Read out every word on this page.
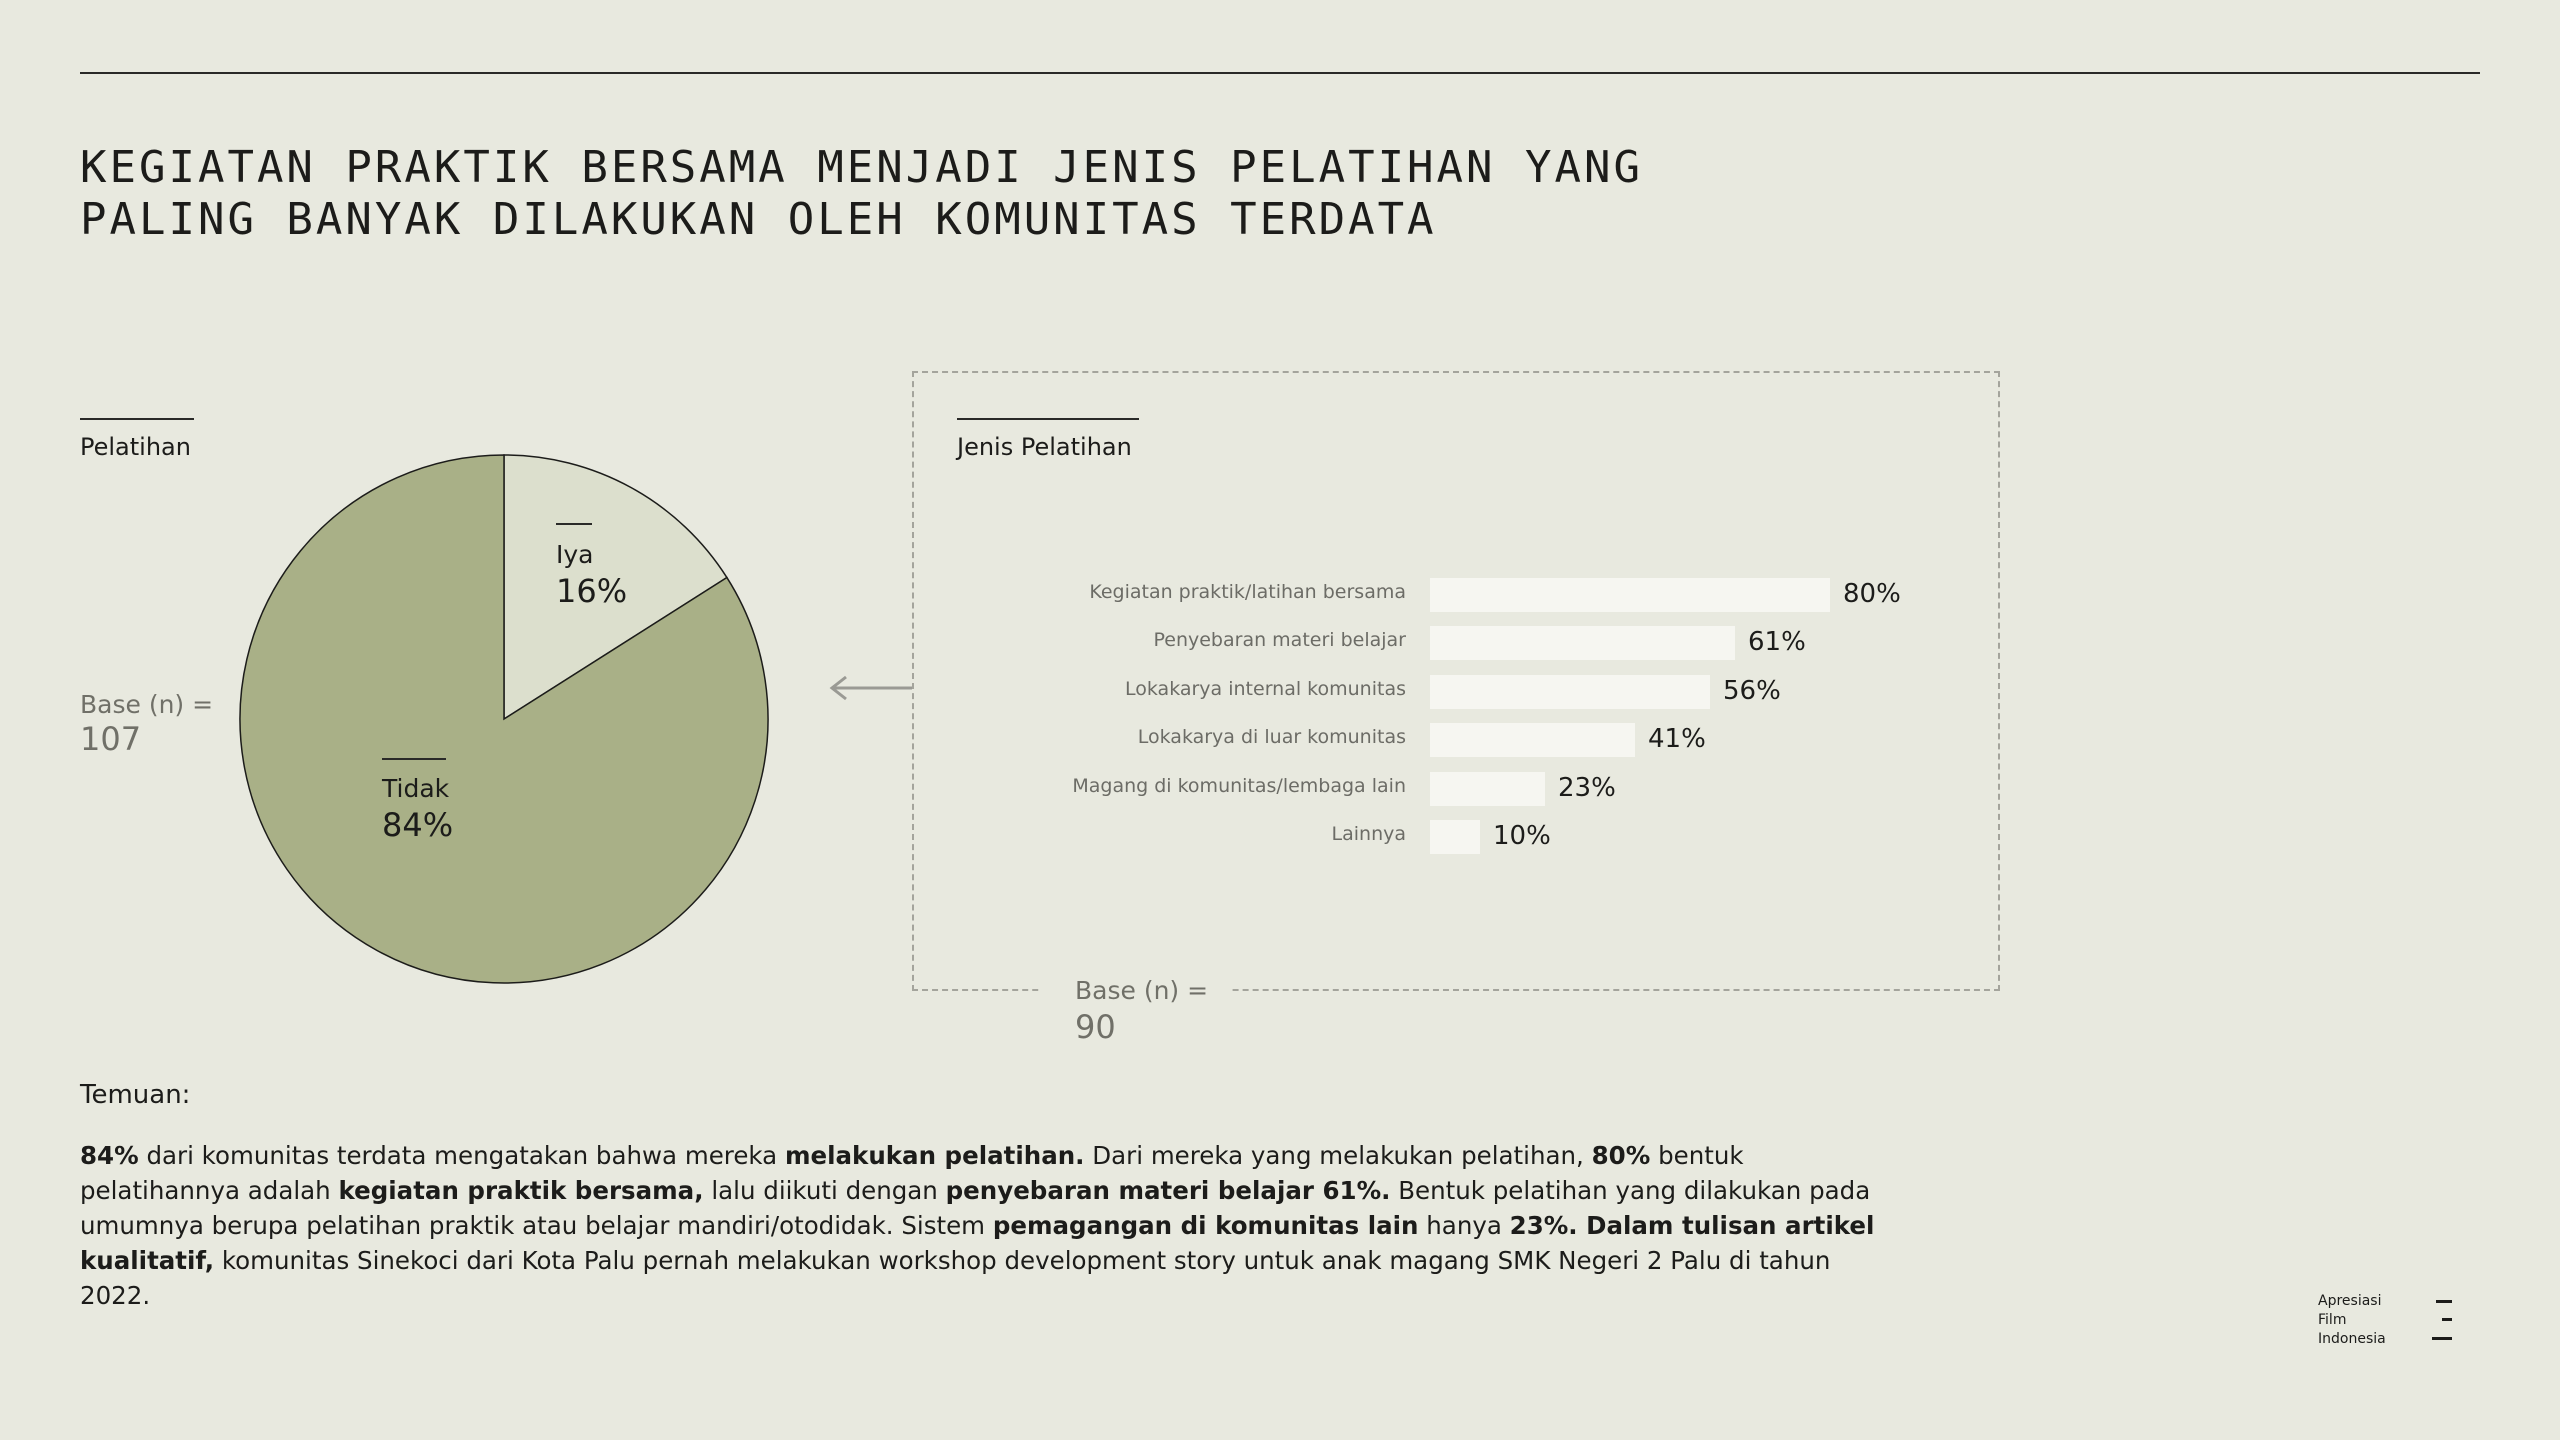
KEGIATAN PRAKTIK BERSAMA MENJADI JENIS PELATIHAN YANG
PALING BANYAK DILAKUKAN OLEH KOMUNITAS TERDATA
Pelatihan
Base (n) =
107
Iya
16%
Tidak
84%
Jenis Pelatihan
Kegiatan praktik/latihan bersama	80%
Penyebaran materi belajar	61%
Lokakarya internal komunitas	56%
Lokakarya di luar komunitas	41%
Magang di komunitas/lembaga lain	23%
Lainnya	10%
Base (n) =
90
Temuan:

84% dari komunitas terdata mengatakan bahwa mereka melakukan pelatihan. Dari mereka yang melakukan pelatihan, 80% bentuk pelatihannya adalah kegiatan praktik bersama, lalu diikuti dengan penyebaran materi belajar 61%. Bentuk pelatihan yang dilakukan pada umumnya berupa pelatihan praktik atau belajar mandiri/otodidak. Sistem pemagangan di komunitas lain hanya 23%. Dalam tulisan artikel kualitatif, komunitas Sinekoci dari Kota Palu pernah melakukan workshop development story untuk anak magang SMK Negeri 2 Palu di tahun 2022.	Apresiasi
Film
Indonesia
